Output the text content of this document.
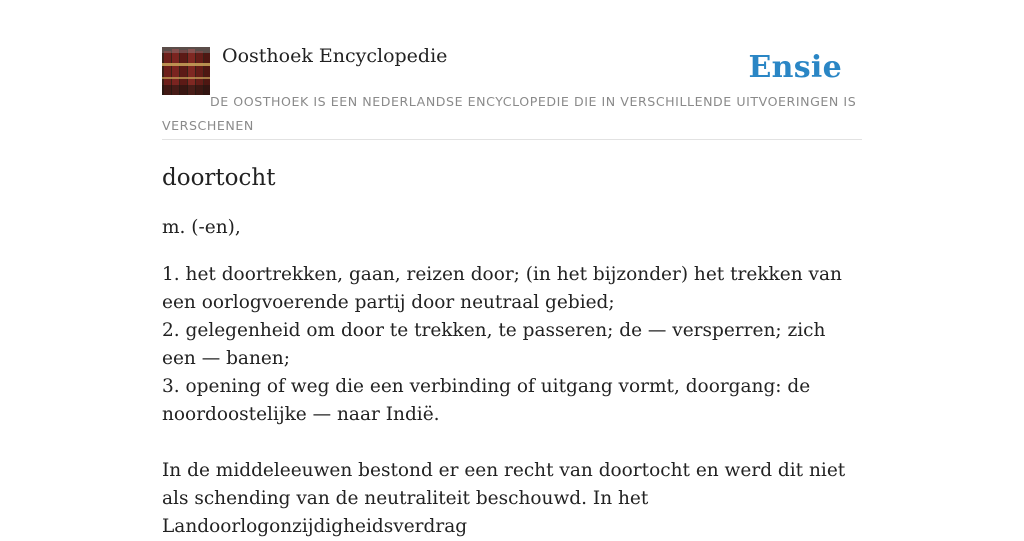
Oosthoek Encyclopedie	Ensie
DE OOSTHOEK IS EEN NEDERLANDSE ENCYCLOPEDIE DIE IN VERSCHILLENDE UITVOERINGEN IS VERSCHENEN
doortocht

m. (-en),

1. het doortrekken, gaan, reizen door; (in het bijzonder) het trekken van een oorlogvoerende partij door neutraal gebied;
2. gelegenheid om door te trekken, te passeren; de — versperren; zich een — banen;
3. opening of weg die een verbinding of uitgang vormt, doorgang: de noordoostelijke — naar Indië.

In de middeleeuwen bestond er een recht van doortocht en werd dit niet als schending van de neutraliteit beschouwd. In het Landoorlogonzijdigheidsverdrag
